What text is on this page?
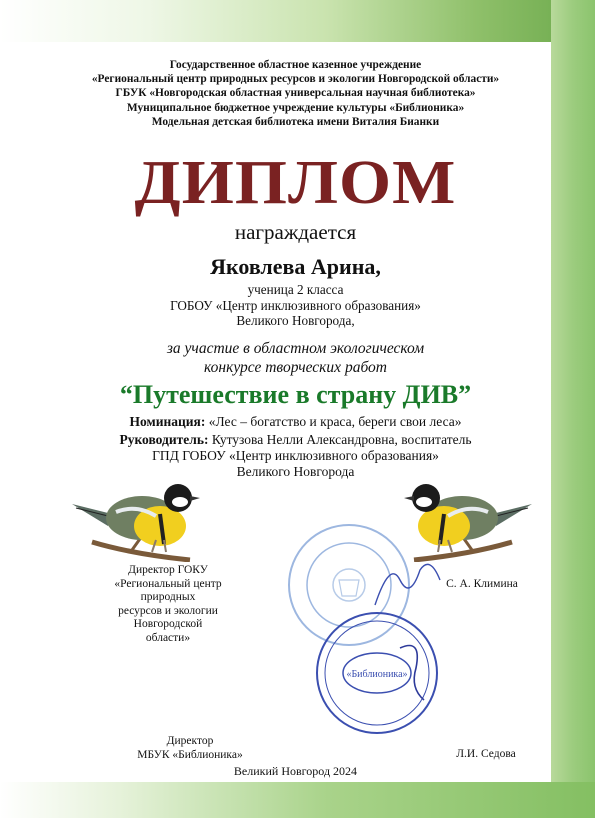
Государственное областное казенное учреждение
«Региональный центр природных ресурсов и экологии Новгородской области»
ГБУК «Новгородская областная универсальная научная библиотека»
Муниципальное бюджетное учреждение культуры «Библионика»
Модельная детская библиотека имени Виталия Бианки
ДИПЛОМ
награждается
Яковлева Арина,
ученица 2 класса
ГОБОУ «Центр инклюзивного образования»
Великого Новгорода,
за участие в областном экологическом
конкурсе творческих работ
“Путешествие в страну ДИВ”
Номинация: «Лес – богатство и краса, береги свои леса»
Руководитель: Кутузова Нелли Александровна, воспитатель
ГПД ГОБОУ «Центр инклюзивного образования»
Великого Новгорода
«Библионика»
Директор ГОКУ
«Региональный центр природных
ресурсов и экологии Новгородской
области»
С. А. Климина
Директор
МБУК «Библионика»	Л.И. Седова
Великий Новгород 2024
